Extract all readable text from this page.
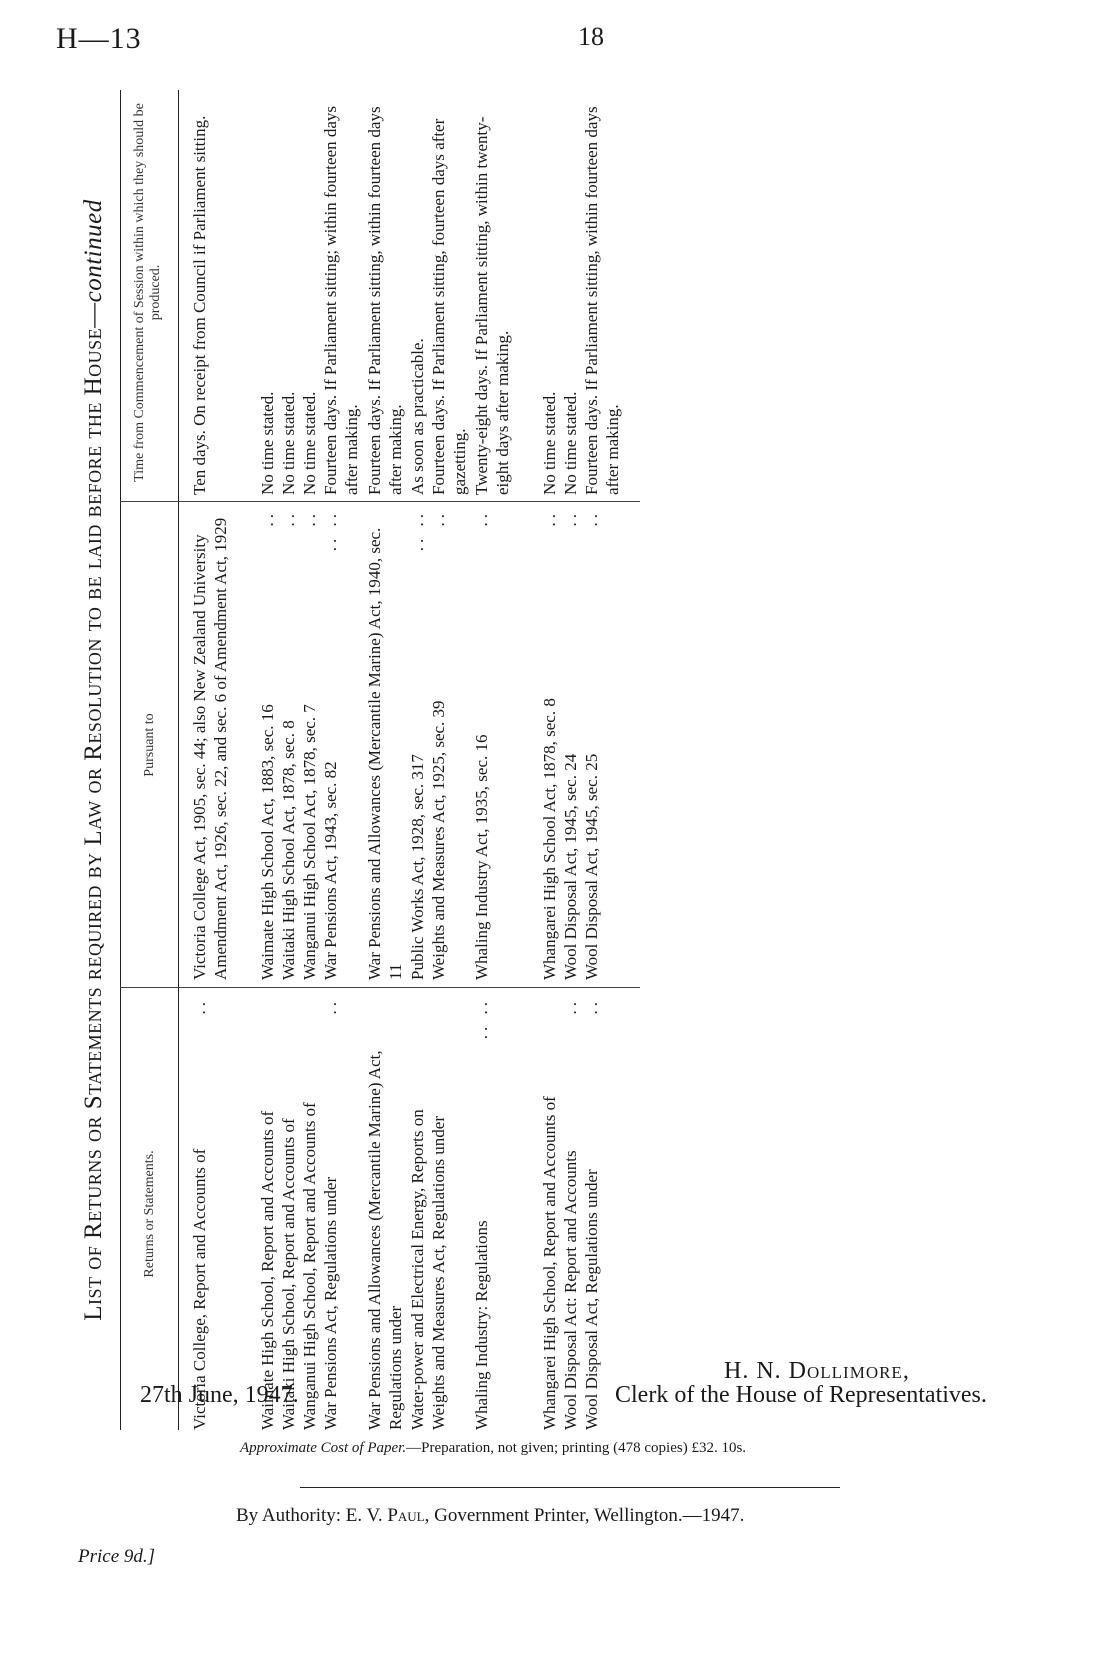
H—13	18
List of Returns or Statements required by Law or Resolution to be laid before the House—continued
Returns or Statements.
Pursuant to
Time from Commencement of Session within which they should be produced.
Victoria College, Report and Accounts of
..
Victoria College Act, 1905, sec. 44; also New Zealand University Amendment Act, 1926, sec. 22, and sec. 6 of Amendment Act, 1929
Ten days. On receipt from Council if Parliament sitting.
Waimate High School, Report and Accounts of
Waimate High School Act, 1883, sec. 16
..
No time stated.
Waitaki High School, Report and Accounts of
Waitaki High School Act, 1878, sec. 8
..
No time stated.
Wanganui High School, Report and Accounts of
Wanganui High School Act, 1878, sec. 7
..
No time stated.
War Pensions Act, Regulations under
..
War Pensions Act, 1943, sec. 82
.. ..
Fourteen days. If Parliament sitting; within fourteen days after making.
War Pensions and Allowances (Mercantile Marine) Act, Regulations under
War Pensions and Allowances (Mercantile Marine) Act, 1940, sec. 11
Fourteen days. If Parliament sitting, within fourteen days after making.
Water-power and Electrical Energy, Reports on
Public Works Act, 1928, sec. 317
.. ..
As soon as practicable.
Weights and Measures Act, Regulations under
Weights and Measures Act, 1925, sec. 39
..
Fourteen days. If Parliament sitting, fourteen days after gazetting.
Whaling Industry: Regulations
.. ..
Whaling Industry Act, 1935, sec. 16
..
Twenty-eight days. If Parliament sitting, within twenty-eight days after making.
Whangarei High School, Report and Accounts of
Whangarei High School Act, 1878, sec. 8
..
No time stated.
Wool Disposal Act: Report and Accounts
..
Wool Disposal Act, 1945, sec. 24
..
No time stated.
Wool Disposal Act, Regulations under
..
Wool Disposal Act, 1945, sec. 25
..
Fourteen days. If Parliament sitting, within fourteen days after making.
27th June, 1947.
H. N. Dollimore,
Clerk of the House of Representatives.
Approximate Cost of Paper.—Preparation, not given; printing (478 copies) £32. 10s.
By Authority: E. V. Paul, Government Printer, Wellington.—1947.
Price 9d.]
